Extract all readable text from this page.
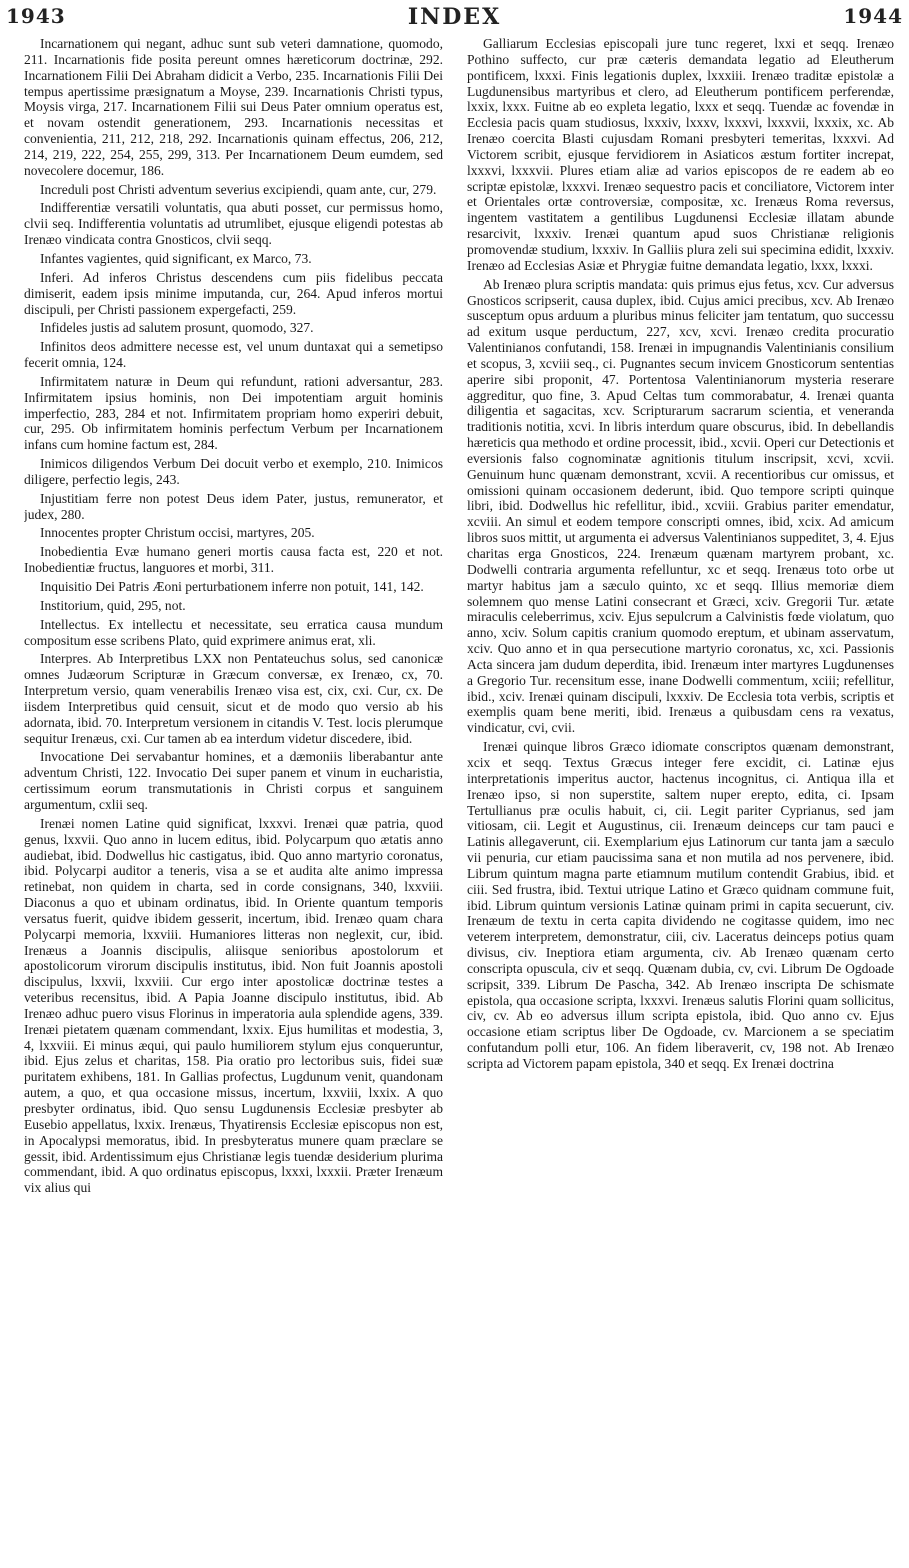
1943	INDEX	1944

Incarnationem qui negant, adhuc sunt sub veteri damnatione, quomodo, 211. Incarnationis fide posita pereunt omnes hæreticorum doctrinæ, 292. Incarnationem Filii Dei Abraham didicit a Verbo, 235. Incarnationis Filii Dei tempus apertissime præsignatum a Moyse, 239. Incarnationis Christi typus, Moysis virga, 217. Incarnationem Filii sui Deus Pater omnium operatus est, et novam ostendit generationem, 293. Incarnationis necessitas et convenientia, 211, 212, 218, 292. Incarnationis quinam effectus, 206, 212, 214, 219, 222, 254, 255, 299, 313. Per Incarnationem Deum eumdem, sed novecolere docemur, 186.

Increduli post Christi adventum severius excipiendi, quam ante, cur, 279.

Indifferentiæ versatili voluntatis, qua abuti posset, cur permissus homo, clvii seq. Indifferentia voluntatis ad utrumlibet, ejusque eligendi potestas ab Irenæo vindicata contra Gnosticos, clvii seqq.

Infantes vagientes, quid significant, ex Marco, 73.

Inferi. Ad inferos Christus descendens cum piis fidelibus peccata dimiserit, eadem ipsis minime imputanda, cur, 264. Apud inferos mortui discipuli, per Christi passionem expergefacti, 259.

Infideles justis ad salutem prosunt, quomodo, 327.

Infinitos deos admittere necesse est, vel unum duntaxat qui a semetipso fecerit omnia, 124.

Infirmitatem naturæ in Deum qui refundunt, rationi adversantur, 283. Infirmitatem ipsius hominis, non Dei impotentiam arguit hominis imperfectio, 283, 284 et not. Infirmitatem propriam homo experiri debuit, cur, 295. Ob infirmitatem hominis perfectum Verbum per Incarnationem infans cum homine factum est, 284.

Inimicos diligendos Verbum Dei docuit verbo et exemplo, 210. Inimicos diligere, perfectio legis, 243.

Injustitiam ferre non potest Deus idem Pater, justus, remunerator, et judex, 280.

Innocentes propter Christum occisi, martyres, 205.

Inobedientia Evæ humano generi mortis causa facta est, 220 et not. Inobedientiæ fructus, languores et morbi, 311.

Inquisitio Dei Patris Æoni perturbationem inferre non potuit, 141, 142.

Institorium, quid, 295, not.

Intellectus. Ex intellectu et necessitate, seu erratica causa mundum compositum esse scribens Plato, quid exprimere animus erat, xli.

Interpres. Ab Interpretibus LXX non Pentateuchus solus, sed canonicæ omnes Judæorum Scripturæ in Græcum conversæ, ex Irenæo, cx, 70. Interpretum versio, quam venerabilis Irenæo visa est, cix, cxi. Cur, cx. De iisdem Interpretibus quid censuit, sicut et de modo quo versio ab his adornata, ibid. 70. Interpretum versionem in citandis V. Test. locis plerumque sequitur Irenæus, cxi. Cur tamen ab ea interdum videtur discedere, ibid.

Invocatione Dei servabantur homines, et a dæmoniis liberabantur ante adventum Christi, 122. Invocatio Dei super panem et vinum in eucharistia, certissimum eorum transmutationis in Christi corpus et sanguinem argumentum, cxlii seq.

Irenæi nomen Latine quid significat, lxxxvi. Irenæi quæ patria, quod genus, lxxvii. Quo anno in lucem editus, ibid. Polycarpum quo ætatis anno audiebat, ibid. Dodwellus hic castigatus, ibid. Quo anno martyrio coronatus, ibid. Polycarpi auditor a teneris, visa a se et audita alte animo impressa retinebat, non quidem in charta, sed in corde consignans, 340, lxxviii. Diaconus a quo et ubinam ordinatus, ibid. In Oriente quantum temporis versatus fuerit, quidve ibidem gesserit, incertum, ibid. Irenæo quam chara Polycarpi memoria, lxxviii. Humaniores litteras non neglexit, cur, ibid. Irenæus a Joannis discipulis, aliisque senioribus apostolorum et apostolicorum virorum discipulis institutus, ibid. Non fuit Joannis apostoli discipulus, lxxvii, lxxviii. Cur ergo inter apostolicæ doctrinæ testes a veteribus recensitus, ibid. A Papia Joanne discipulo institutus, ibid. Ab Irenæo adhuc puero visus Florinus in imperatoria aula splendide agens, 339. Irenæi pietatem quænam commendant, lxxix. Ejus humilitas et modestia, 3, 4, lxxviii. Ei minus æqui, qui paulo humiliorem stylum ejus conqueruntur, ibid. Ejus zelus et charitas, 158. Pia oratio pro lectoribus suis, fidei suæ puritatem exhibens, 181. In Gallias profectus, Lugdunum venit, quandonam autem, a quo, et qua occasione missus, incertum, lxxviii, lxxix. A quo presbyter ordinatus, ibid. Quo sensu Lugdunensis Ecclesiæ presbyter ab Eusebio appellatus, lxxix. Irenæus, Thyatirensis Ecclesiæ episcopus non est, in Apocalypsi memoratus, ibid. In presbyteratus munere quam præclare se gessit, ibid. Ardentissimum ejus Christianæ legis tuendæ desiderium plurima commendant, ibid. A quo ordinatus episcopus, lxxxi, lxxxii. Præter Irenæum vix alius qui

Galliarum Ecclesias episcopali jure tunc regeret, lxxi et seqq. Irenæo Pothino suffecto, cur præ cæteris demandata legatio ad Eleutherum pontificem, lxxxi. Finis legationis duplex, lxxxiii. Irenæo traditæ epistolæ a Lugdunensibus martyribus et clero, ad Eleutherum pontificem perferendæ, lxxix, lxxx. Fuitne ab eo expleta legatio, lxxx et seqq. Tuendæ ac fovendæ in Ecclesia pacis quam studiosus, lxxxiv, lxxxv, lxxxvi, lxxxvii, lxxxix, xc. Ab Irenæo coercita Blasti cujusdam Romani presbyteri temeritas, lxxxvi. Ad Victorem scribit, ejusque fervidiorem in Asiaticos æstum fortiter increpat, lxxxvi, lxxxvii. Plures etiam aliæ ad varios episcopos de re eadem ab eo scriptæ epistolæ, lxxxvi. Irenæo sequestro pacis et conciliatore, Victorem inter et Orientales ortæ controversiæ, compositæ, xc. Irenæus Roma reversus, ingentem vastitatem a gentilibus Lugdunensi Ecclesiæ illatam abunde resarcivit, lxxxiv. Irenæi quantum apud suos Christianæ religionis promovendæ studium, lxxxiv. In Galliis plura zeli sui specimina edidit, lxxxiv. Irenæo ad Ecclesias Asiæ et Phrygiæ fuitne demandata legatio, lxxx, lxxxi.

Ab Irenæo plura scriptis mandata: quis primus ejus fetus, xcv. Cur adversus Gnosticos scripserit, causa duplex, ibid. Cujus amici precibus, xcv. Ab Irenæo susceptum opus arduum a pluribus minus feliciter jam tentatum, quo successu ad exitum usque perductum, 227, xcv, xcvi. Irenæo credita procuratio Valentinianos confutandi, 158. Irenæi in impugnandis Valentinianis consilium et scopus, 3, xcviii seq., ci. Pugnantes secum invicem Gnosticorum sententias aperire sibi proponit, 47. Portentosa Valentinianorum mysteria reserare aggreditur, quo fine, 3. Apud Celtas tum commorabatur, 4. Irenæi quanta diligentia et sagacitas, xcv. Scripturarum sacrarum scientia, et veneranda traditionis notitia, xcvi. In libris interdum quare obscurus, ibid. In debellandis hæreticis qua methodo et ordine processit, ibid., xcvii. Operi cur Detectionis et eversionis falso cognominatæ agnitionis titulum inscripsit, xcvi, xcvii. Genuinum hunc quænam demonstrant, xcvii. A recentioribus cur omissus, et omissioni quinam occasionem dederunt, ibid. Quo tempore scripti quinque libri, ibid. Dodwellus hic refellitur, ibid., xcviii. Grabius pariter emendatur, xcviii. An simul et eodem tempore conscripti omnes, ibid, xcix. Ad amicum libros suos mittit, ut argumenta ei adversus Valentinianos suppeditet, 3, 4. Ejus charitas erga Gnosticos, 224. Irenæum quænam martyrem probant, xc. Dodwelli contraria argumenta refelluntur, xc et seqq. Irenæus toto orbe ut martyr habitus jam a sæculo quinto, xc et seqq. Illius memoriæ diem solemnem quo mense Latini consecrant et Græci, xciv. Gregorii Tur. ætate miraculis celeberrimus, xciv. Ejus sepulcrum a Calvinistis fœde violatum, quo anno, xciv. Solum capitis cranium quomodo ereptum, et ubinam asservatum, xciv. Quo anno et in qua persecutione martyrio coronatus, xc, xci. Passionis Acta sincera jam dudum deperdita, ibid. Irenæum inter martyres Lugdunenses a Gregorio Tur. recensitum esse, inane Dodwelli commentum, xciii; refellitur, ibid., xciv. Irenæi quinam discipuli, lxxxiv. De Ecclesia tota verbis, scriptis et exemplis quam bene meriti, ibid. Irenæus a quibusdam cens ra vexatus, vindicatur, cvi, cvii.

Irenæi quinque libros Græco idiomate conscriptos quænam demonstrant, xcix et seqq. Textus Græcus integer fere excidit, ci. Latinæ ejus interpretationis imperitus auctor, hactenus incognitus, ci. Antiqua illa et Irenæo ipso, si non superstite, saltem nuper erepto, edita, ci. Ipsam Tertullianus præ oculis habuit, ci, cii. Legit pariter Cyprianus, sed jam vitiosam, cii. Legit et Augustinus, cii. Irenæum deinceps cur tam pauci e Latinis allegaverunt, cii. Exemplarium ejus Latinorum cur tanta jam a sæculo vii penuria, cur etiam paucissima sana et non mutila ad nos pervenere, ibid. Librum quintum magna parte etiamnum mutilum contendit Grabius, ibid. et ciii. Sed frustra, ibid. Textui utrique Latino et Græco quidnam commune fuit, ibid. Librum quintum versionis Latinæ quinam primi in capita secuerunt, civ. Irenæum de textu in certa capita dividendo ne cogitasse quidem, imo nec veterem interpretem, demonstratur, ciii, civ. Laceratus deinceps potius quam divisus, civ. Ineptiora etiam argumenta, civ. Ab Irenæo quænam certo conscripta opuscula, civ et seqq. Quænam dubia, cv, cvi. Librum De Ogdoade scripsit, 339. Librum De Pascha, 342. Ab Irenæo inscripta De schismate epistola, qua occasione scripta, lxxxvi. Irenæus salutis Florini quam sollicitus, civ, cv. Ab eo adversus illum scripta epistola, ibid. Quo anno cv. Ejus occasione etiam scriptus liber De Ogdoade, cv. Marcionem a se speciatim confutandum polli etur, 106. An fidem liberaverit, cv, 198 not. Ab Irenæo scripta ad Victorem papam epistola, 340 et seqq. Ex Irenæi doctrina
